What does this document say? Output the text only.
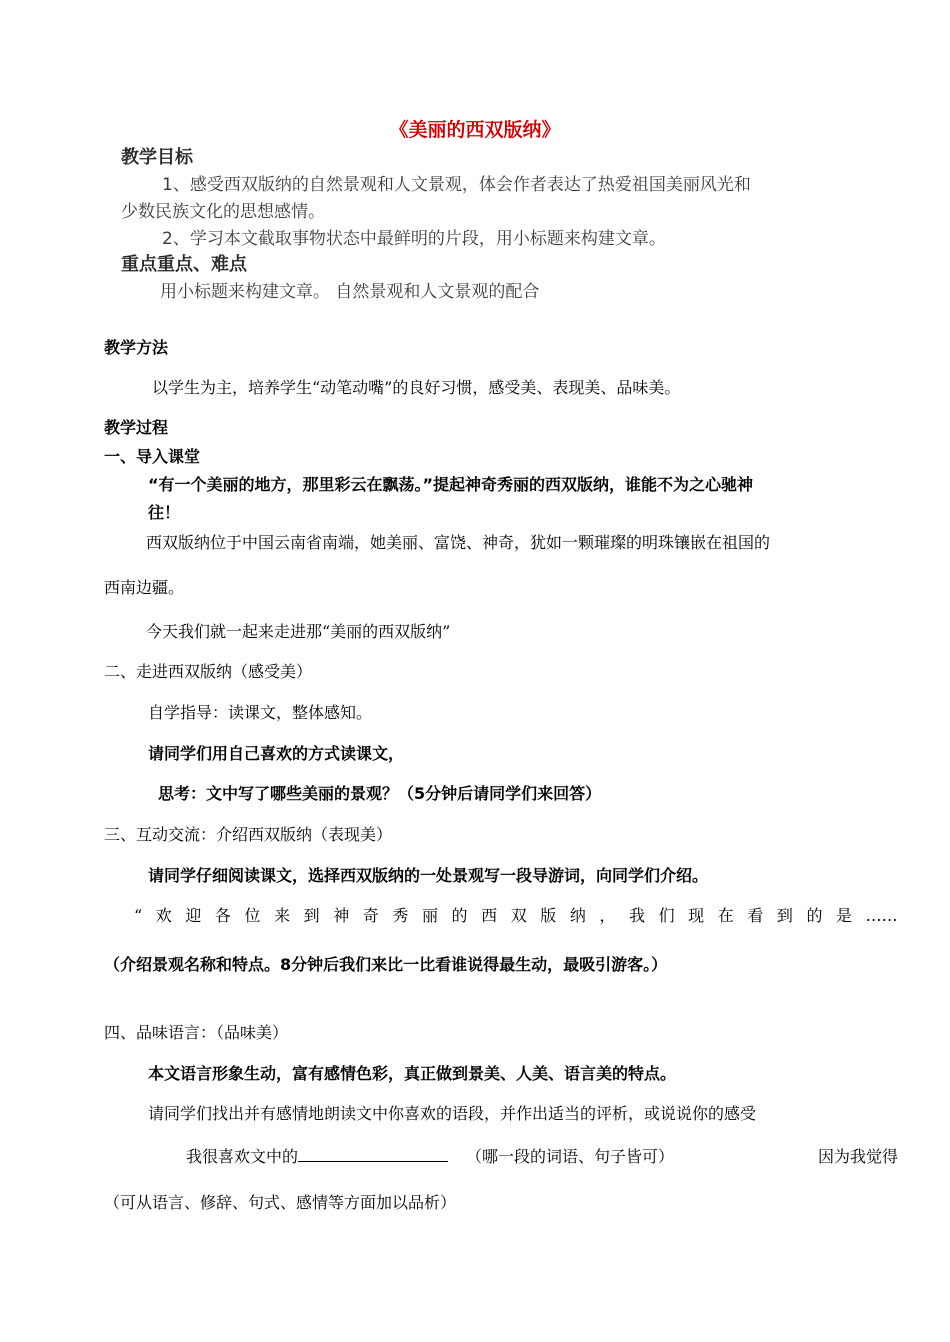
《美丽的西双版纳》
教学目标
1、感受西双版纳的自然景观和人文景观，体会作者表达了热爱祖国美丽风光和
少数民族文化的思想感情。
2、学习本文截取事物状态中最鲜明的片段，用小标题来构建文章。
重点重点、难点
用小标题来构建文章。 自然景观和人文景观的配合
教学方法
以学生为主，培养学生“动笔动嘴”的良好习惯，感受美、表现美、品味美。
教学过程
一、导入课堂
“有一个美丽的地方，那里彩云在飘荡。”提起神奇秀丽的西双版纳，谁能不为之心驰神
往！
西双版纳位于中国云南省南端，她美丽、富饶、神奇，犹如一颗璀璨的明珠镶嵌在祖国的
西南边疆。
今天我们就一起来走进那“美丽的西双版纳”
二、走进西双版纳（感受美）
自学指导：读课文，整体感知。
请同学们用自己喜欢的方式读课文，
思考：文中写了哪些美丽的景观？（5分钟后请同学们来回答）
三、互动交流：介绍西双版纳（表现美）
请同学仔细阅读课文，选择西双版纳的一处景观写一段导游词，向同学们介绍。
“ 欢 迎 各 位 来 到 神 奇 秀 丽 的 西 双 版 纳 ， 我 们 现 在 看 到 的 是 ……
（介绍景观名称和特点。8分钟后我们来比一比看谁说得最生动，最吸引游客。）
四、品味语言：（品味美）
本文语言形象生动，富有感情色彩，真正做到景美、人美、语言美的特点。
请同学们找出并有感情地朗读文中你喜欢的语段，并作出适当的评析，或说说你的感受
我很喜欢文中的	（哪一段的词语、句子皆可）	因为我觉得
（可从语言、修辞、句式、感情等方面加以品析）
